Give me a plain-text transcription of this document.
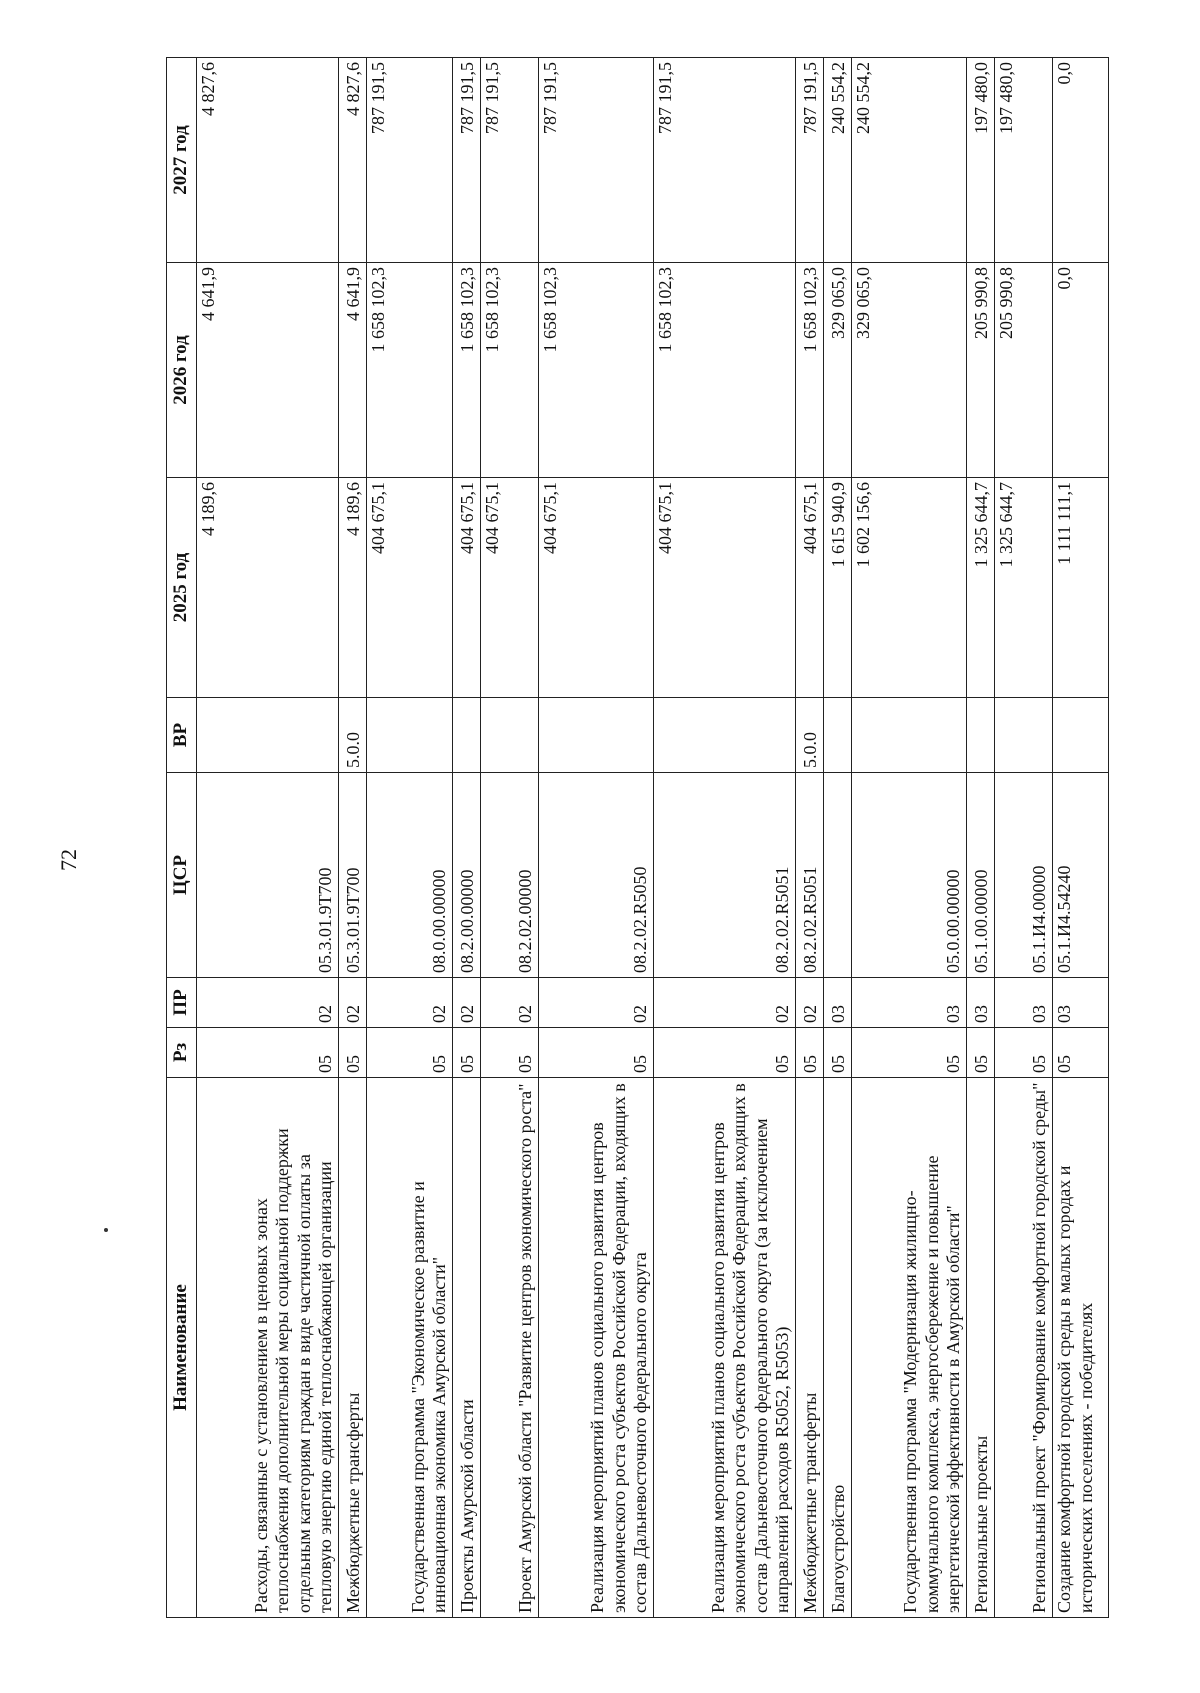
72
Наименование	Рз	ПР	ЦСР	ВР	2025 год	2026 год	2027 год
Расходы, связанные с установлением в ценовых зонах теплоснабжения дополнительной меры социальной поддержки отдельным категориям граждан в виде частичной оплаты за тепловую энергию единой теплоснабжающей организации	05	02	05.3.01.9Т700		4 189,6	4 641,9	4 827,6
Межбюджетные трансферты	05	02	05.3.01.9Т700	5.0.0	4 189,6	4 641,9	4 827,6
Государственная программа "Экономическое развитие и инновационная экономика Амурской области"	05	02	08.0.00.00000		404 675,1	1 658 102,3	787 191,5
Проекты Амурской области	05	02	08.2.00.00000		404 675,1	1 658 102,3	787 191,5
Проект Амурской области "Развитие центров экономического роста"	05	02	08.2.02.00000		404 675,1	1 658 102,3	787 191,5
Реализация мероприятий планов социального развития центров экономического роста субъектов Российской Федерации, входящих в состав Дальневосточного федерального округа	05	02	08.2.02.R5050		404 675,1	1 658 102,3	787 191,5
Реализация мероприятий планов социального развития центров экономического роста субъектов Российской Федерации, входящих в состав Дальневосточного федерального округа (за исключением направлений расходов R5052, R5053)	05	02	08.2.02.R5051		404 675,1	1 658 102,3	787 191,5
Межбюджетные трансферты	05	02	08.2.02.R5051	5.0.0	404 675,1	1 658 102,3	787 191,5
Благоустройство	05	03			1 615 940,9	329 065,0	240 554,2
Государственная программа "Модернизация жилищно-коммунального комплекса, энергосбережение и повышение энергетической эффективности в Амурской области"	05	03	05.0.00.00000		1 602 156,6	329 065,0	240 554,2
Региональные проекты	05	03	05.1.00.00000		1 325 644,7	205 990,8	197 480,0
Региональный проект "Формирование комфортной городской среды"	05	03	05.1.И4.00000		1 325 644,7	205 990,8	197 480,0
Создание комфортной городской среды в малых городах и исторических поселениях - победителях	05	03	05.1.И4.54240		1 111 111,1	0,0	0,0
